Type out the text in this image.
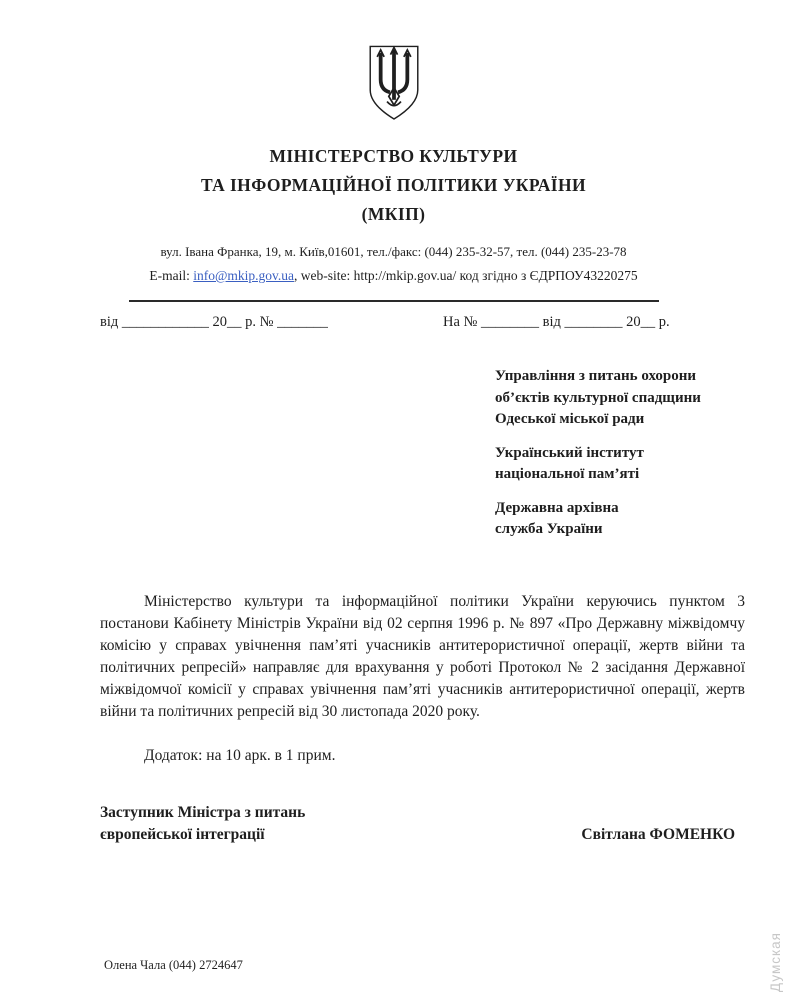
МІНІСТЕРСТВО КУЛЬТУРИ
ТА ІНФОРМАЦІЙНОЇ ПОЛІТИКИ УКРАЇНИ
(МКІП)
вул. Івана Франка, 19, м. Київ,01601, тел./факс: (044) 235-32-57, тел. (044) 235-23-78
E-mail: info@mkip.gov.ua, web-site: http://mkip.gov.ua/ код згідно з ЄДРПОУ43220275
від ____________ 20__ р. № _______	На № ________ від ________ 20__ р.
Управління з питань охорони
об’єктів культурної спадщини
Одеської міської ради
Український інститут
національної пам’яті
Державна архівна
служба України
Міністерство культури та інформаційної політики України керуючись пунктом 3 постанови Кабінету Міністрів України від 02 серпня 1996 р. № 897 «Про Державну міжвідомчу комісію у справах увічнення пам’яті учасників антитерористичної операції, жертв війни та політичних репресій» направляє для врахування у роботі Протокол № 2 засідання Державної міжвідомчої комісії у справах увічнення пам’яті учасників антитерористичної операції, жертв війни та політичних репресій від 30 листопада 2020 року.
Додаток: на 10 арк. в 1 прим.
Заступник Міністра з питань
європейської інтеграції	Світлана ФОМЕНКО
Олена Чала (044) 2724647	Думская
